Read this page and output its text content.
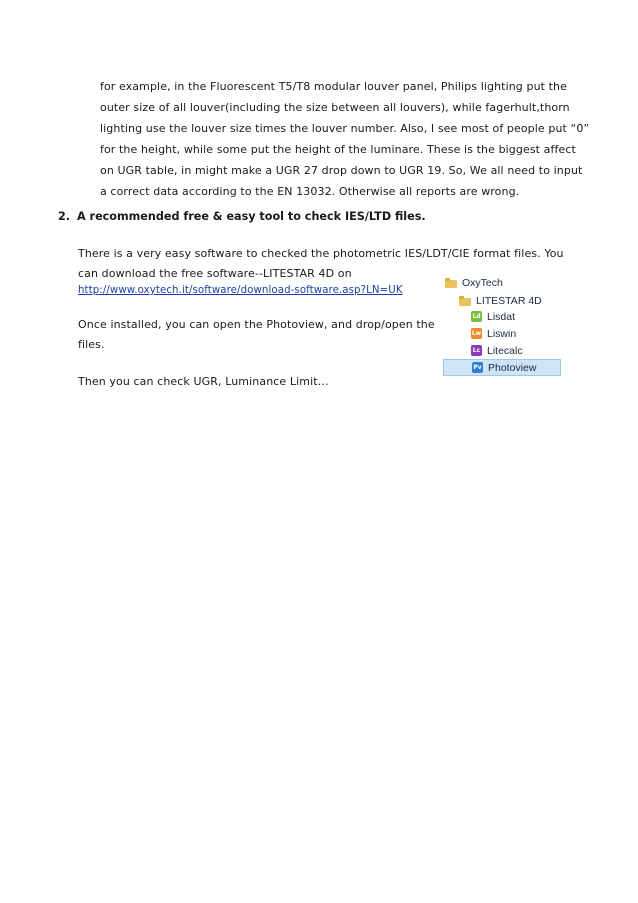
for example, in the Fluorescent T5/T8 modular louver panel, Philips lighting put the
outer size of all louver(including the size between all louvers), while fagerhult,thorn
lighting use the louver size times the louver number. Also, I see most of people put “0”
for the height, while some put the height of the luminare. These is the biggest affect
on UGR table, in might make a UGR 27 drop down to UGR 19. So, We all need to input
a correct data according to the EN 13032. Otherwise all reports are wrong.
2. A recommended free & easy tool to check IES/LTD files.
There is a very easy software to checked the photometric IES/LDT/CIE format files. You
can download the free software--LITESTAR 4D on
http://www.oxytech.it/software/download-software.asp?LN=UK
Once installed, you can open the Photoview, and drop/open the
files.
Then you can check UGR, Luminance Limit…
OxyTech
LITESTAR 4D
Ld Lisdat
Lw Liswin
Lc Litecalc
Pv Photoview
